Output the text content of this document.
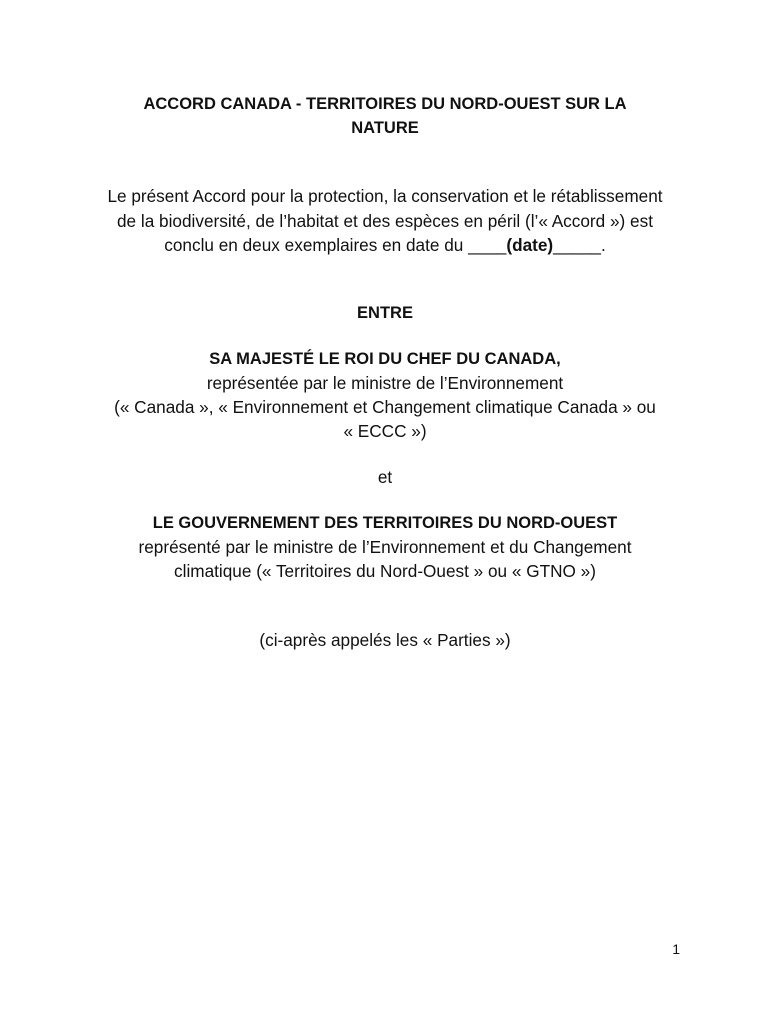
ACCORD CANADA - TERRITOIRES DU NORD-OUEST SUR LA
NATURE
Le présent Accord pour la protection, la conservation et le rétablissement
de la biodiversité, de l’habitat et des espèces en péril (l’« Accord ») est
conclu en deux exemplaires en date du ____(date)_____.
ENTRE
SA MAJESTÉ LE ROI DU CHEF DU CANADA,
représentée par le ministre de l’Environnement
(« Canada », « Environnement et Changement climatique Canada » ou
« ECCC »)
et
LE GOUVERNEMENT DES TERRITOIRES DU NORD-OUEST
représenté par le ministre de l’Environnement et du Changement
climatique (« Territoires du Nord-Ouest » ou « GTNO »)
(ci-après appelés les « Parties »)
1
